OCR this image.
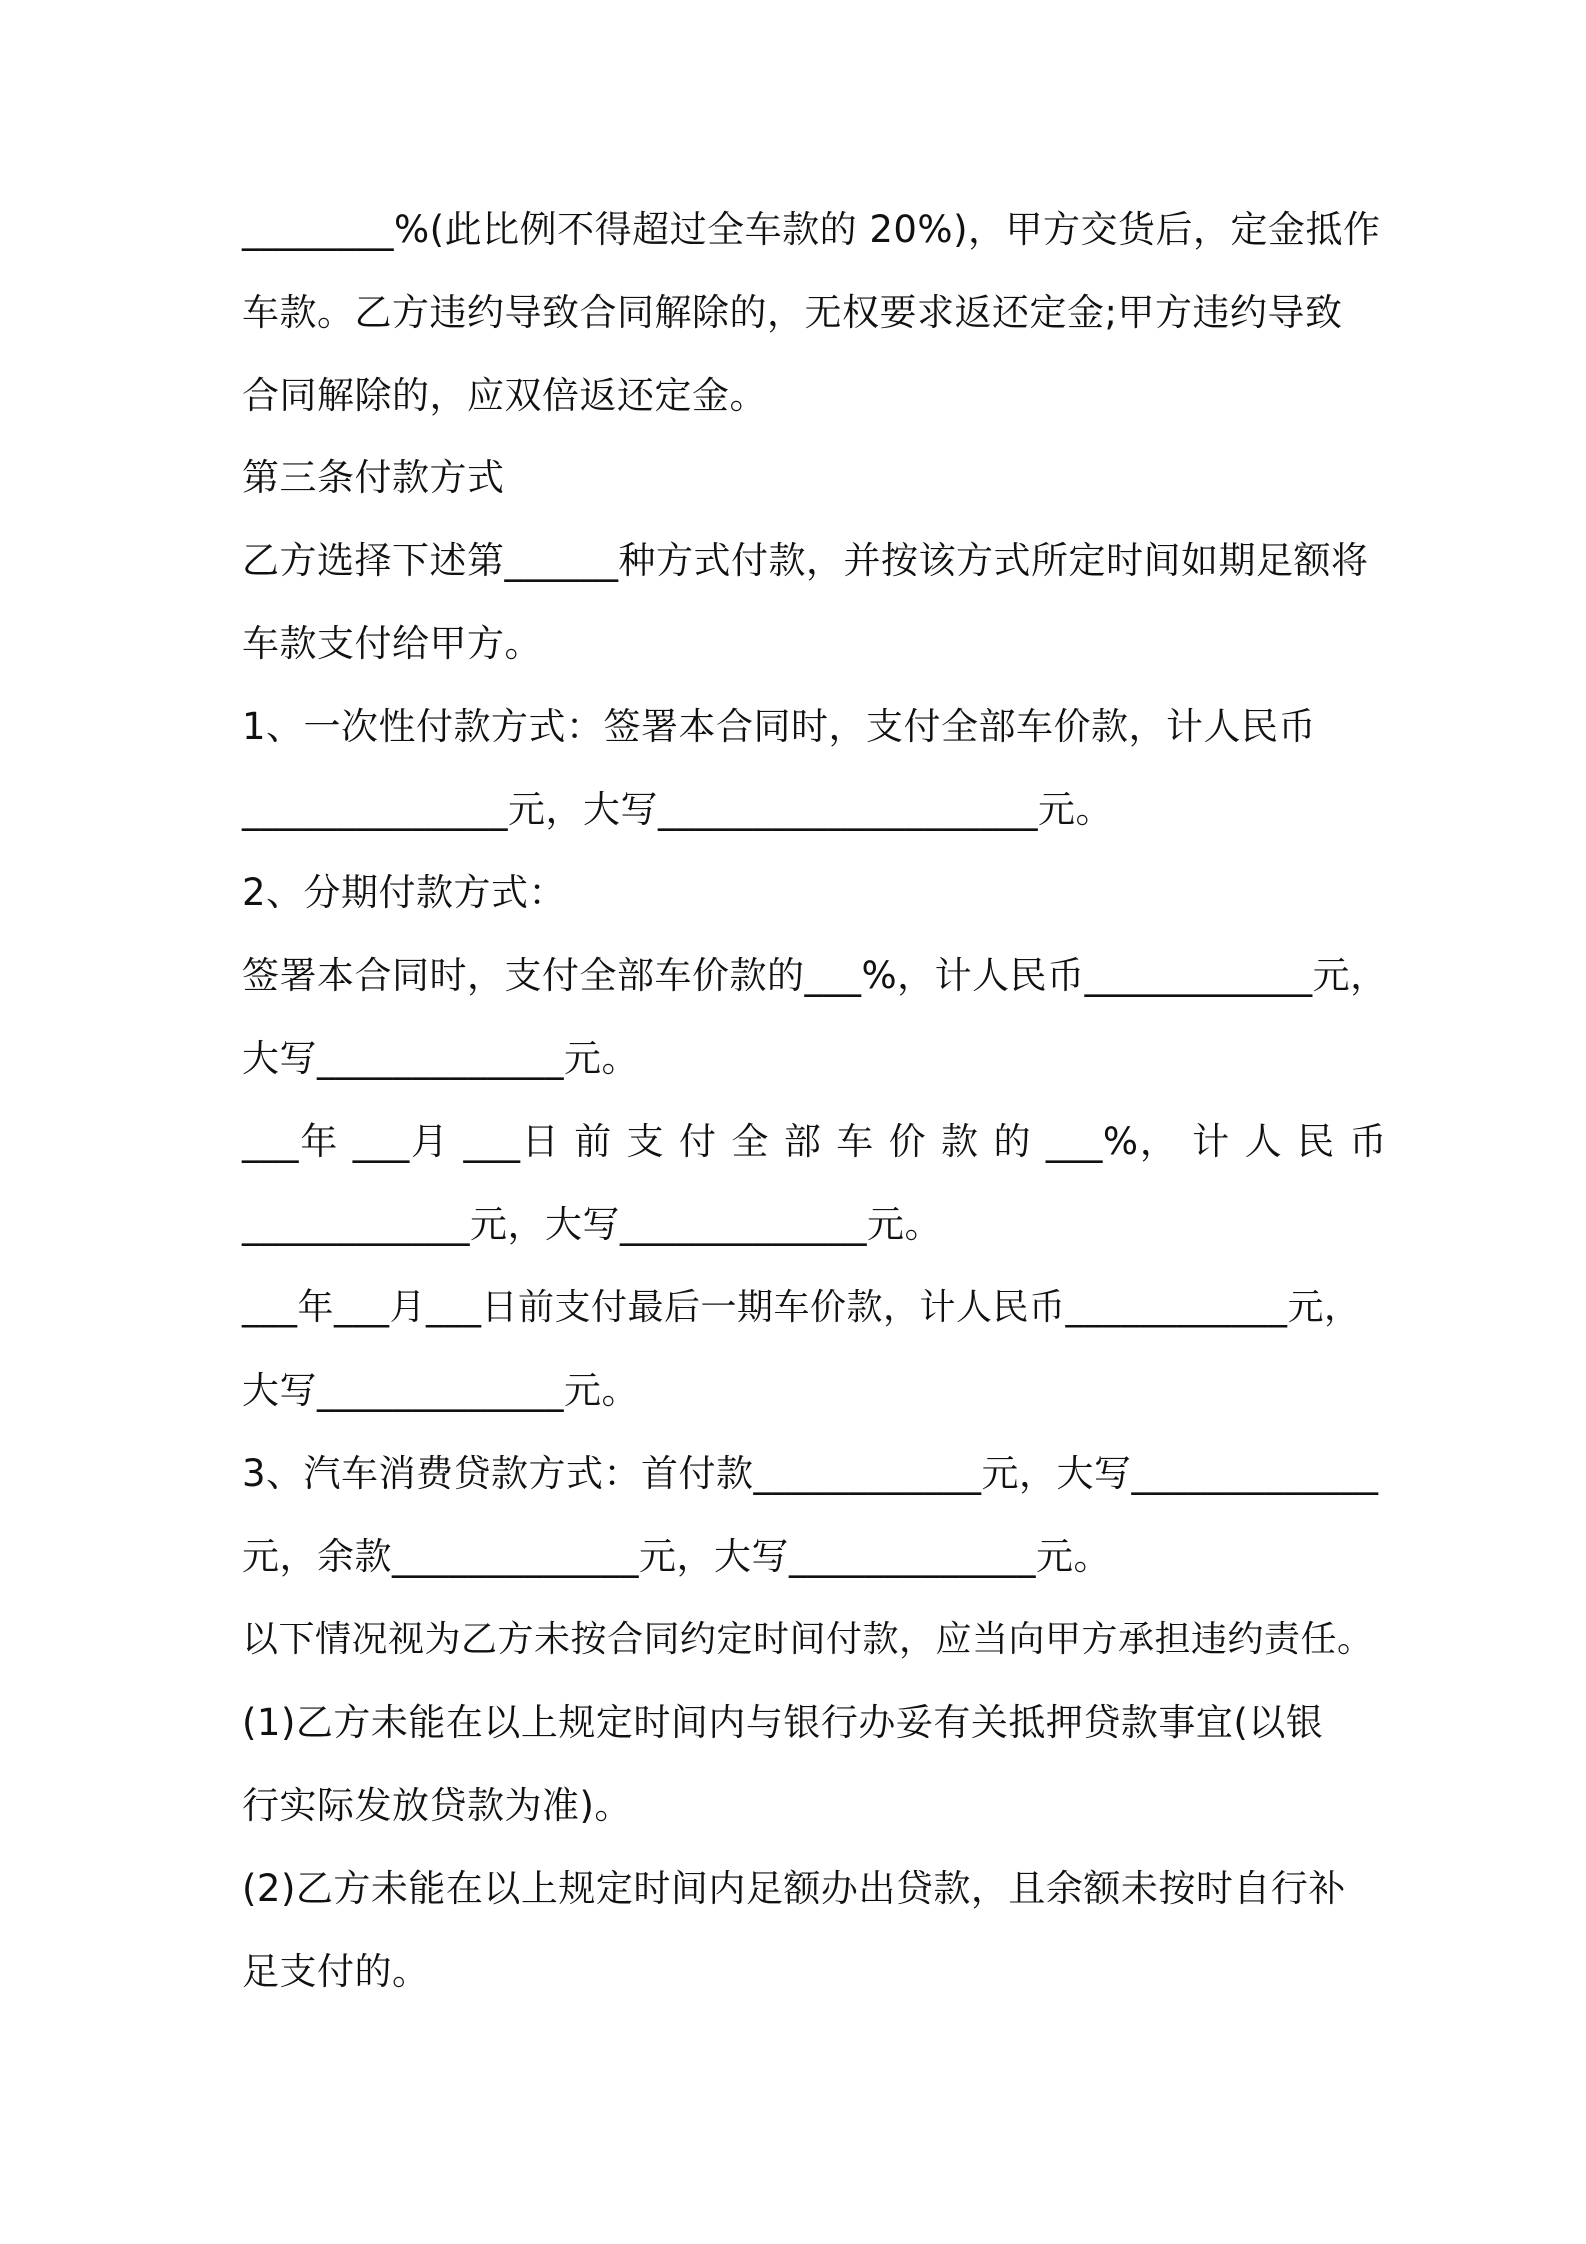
________%(此比例不得超过全车款的 20%)，甲方交货后，定金抵作
车款。乙方违约导致合同解除的，无权要求返还定金;甲方违约导致
合同解除的，应双倍返还定金。
第三条付款方式
乙方选择下述第______种方式付款，并按该方式所定时间如期足额将
车款支付给甲方。
1、一次性付款方式：签署本合同时，支付全部车价款，计人民币
______________元，大写____________________元。
2、分期付款方式：
签署本合同时，支付全部车价款的___%，计人民币____________元，
大写_____________元。
___年 ___月 ___日 前 支 付 全 部 车 价 款 的 ___%， 计 人 民 币
____________元，大写_____________元。
___年___月___日前支付最后一期车价款，计人民币____________元，
大写_____________元。
3、汽车消费贷款方式：首付款____________元，大写_____________
元，余款_____________元，大写_____________元。
以下情况视为乙方未按合同约定时间付款，应当向甲方承担违约责任。
(1)乙方未能在以上规定时间内与银行办妥有关抵押贷款事宜(以银
行实际发放贷款为准)。
(2)乙方未能在以上规定时间内足额办出贷款，且余额未按时自行补
足支付的。
